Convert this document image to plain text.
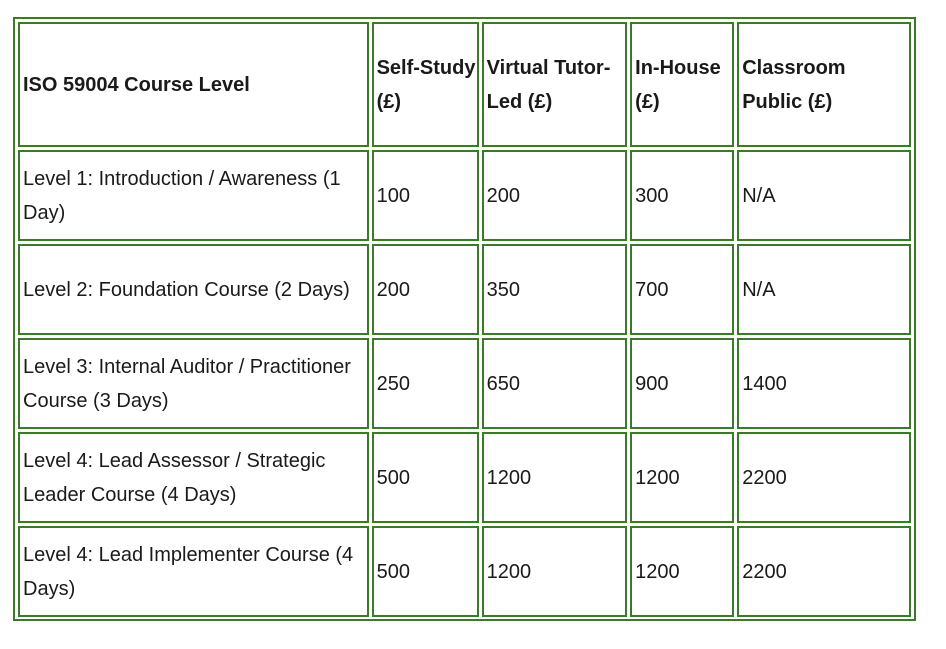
ISO 59004 Course Level	Self-Study (£)	Virtual Tutor-Led (£)	In-House (£)	Classroom Public (£)
Level 1: Introduction / Awareness (1 Day)	100	200	300	N/A
Level 2: Foundation Course (2 Days)	200	350	700	N/A
Level 3: Internal Auditor / Practitioner Course (3 Days)	250	650	900	1400
Level 4: Lead Assessor / Strategic Leader Course (4 Days)	500	1200	1200	2200
Level 4: Lead Implementer Course (4 Days)	500	1200	1200	2200
